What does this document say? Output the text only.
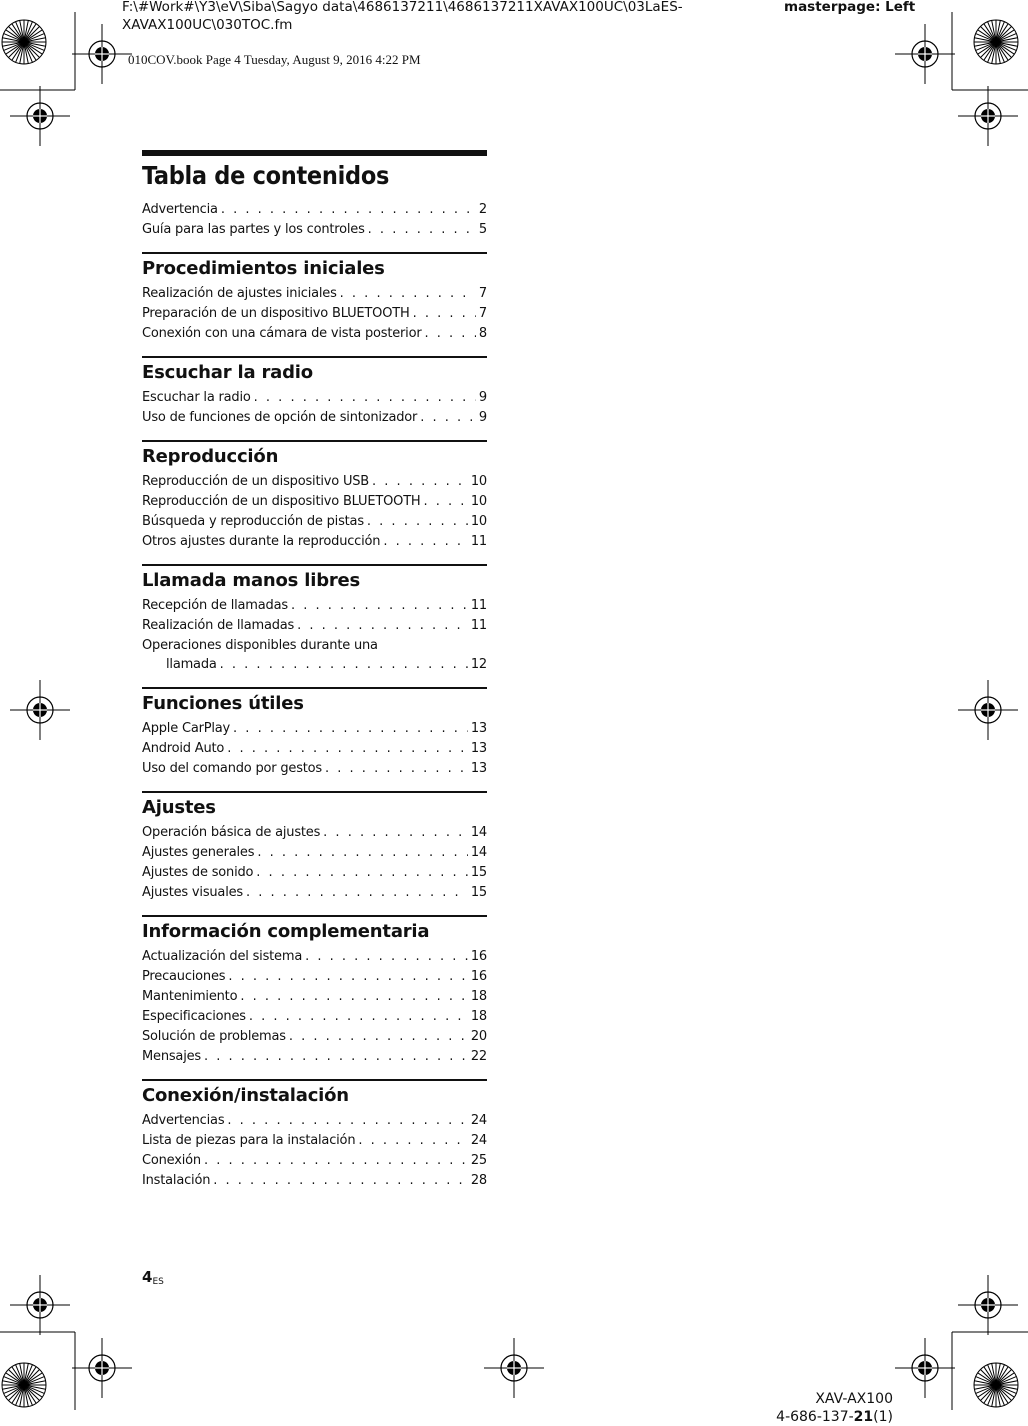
F:\#Work#\Y3\eV\Siba\Sagyo data\4686137211\4686137211XAVAX100UC\03LaES-XAVAX100UC\030TOC.fm
masterpage: Left
010COV.book Page 4 Tuesday, August 9, 2016 4:22 PM
Tabla de contenidos
Advertencia . . .	2
Guía para las partes y los controles . . .	5
Procedimientos iniciales
Realización de ajustes iniciales . . .	7
Preparación de un dispositivo BLUETOOTH . . .	7
Conexión con una cámara de vista posterior . . .	8
Escuchar la radio
Escuchar la radio . . .	9
Uso de funciones de opción de sintonizador . . .	9
Reproducción
Reproducción de un dispositivo USB . . .	10
Reproducción de un dispositivo BLUETOOTH . . .	10
Búsqueda y reproducción de pistas . . .	10
Otros ajustes durante la reproducción . . .	11
Llamada manos libres
Recepción de llamadas . . .	11
Realización de llamadas . . .	11
Operaciones disponibles durante una
llamada . . .	12
Funciones útiles
Apple CarPlay . . .	13
Android Auto . . .	13
Uso del comando por gestos . . .	13
Ajustes
Operación básica de ajustes . . .	14
Ajustes generales . . .	14
Ajustes de sonido . . .	15
Ajustes visuales . . .	15
Información complementaria
Actualización del sistema . . .	16
Precauciones . . .	16
Mantenimiento . . .	18
Especificaciones . . .	18
Solución de problemas . . .	20
Mensajes . . .	22
Conexión/instalación
Advertencias . . .	24
Lista de piezas para la instalación . . .	24
Conexión . . .	25
Instalación . . .	28
$4_{ES}$
XAV-AX100
4-686-137-21(1)
